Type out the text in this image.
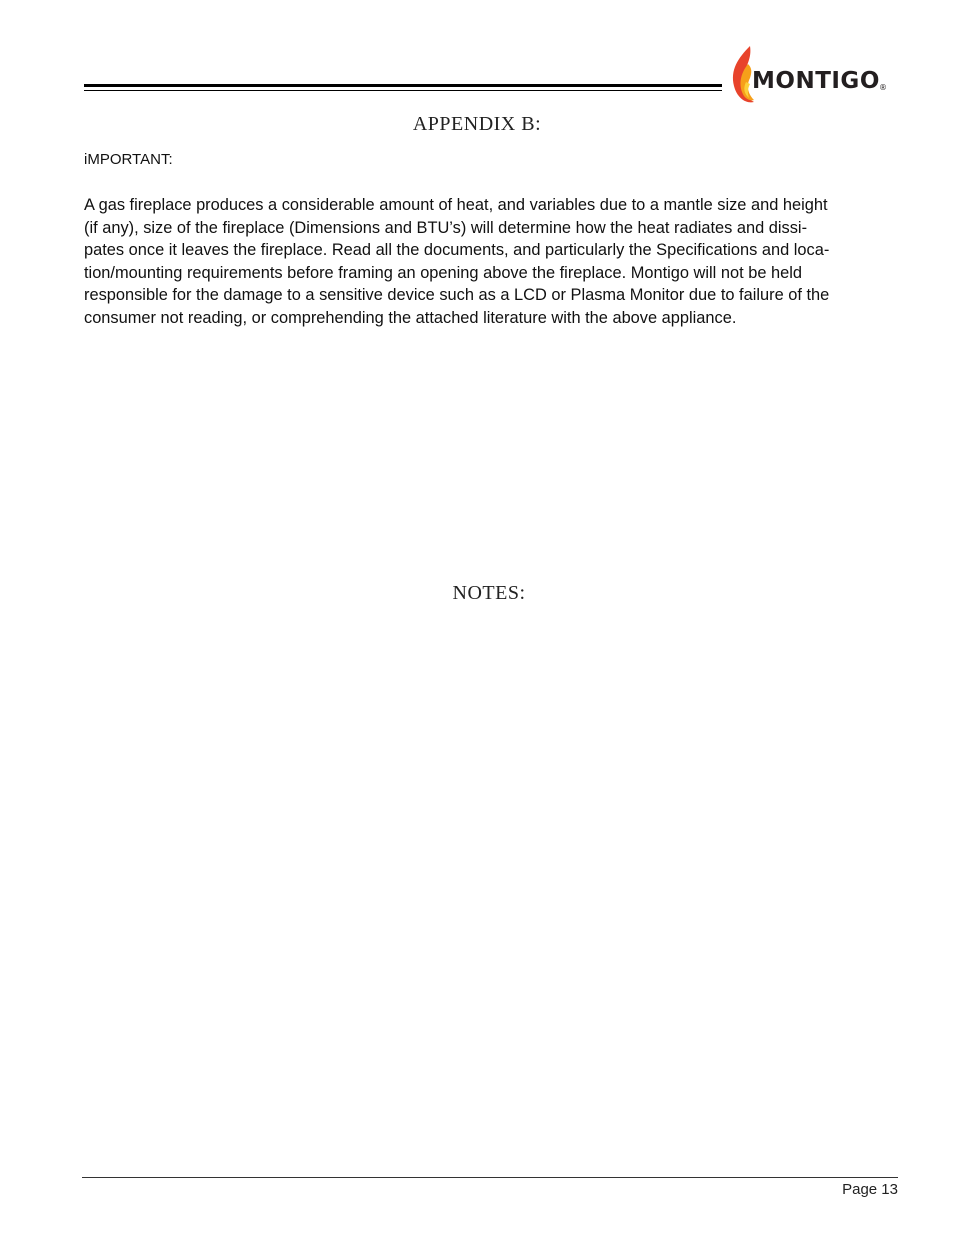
MONTIGO ®
APPENDIX B:
iMPORTANT:
A gas fireplace produces a considerable amount of heat, and variables due to a mantle size and height
(if any), size of the fireplace (Dimensions and BTU’s) will determine how the heat radiates and dissi-
pates once it leaves the fireplace. Read all the documents, and particularly the Specifications and loca-
tion/mounting requirements before framing an opening above the fireplace. Montigo will not be held
responsible for the damage to a sensitive device such as a LCD or Plasma Monitor due to failure of the
consumer not reading, or comprehending the attached literature with the above appliance.
NOTES:
Page 13
